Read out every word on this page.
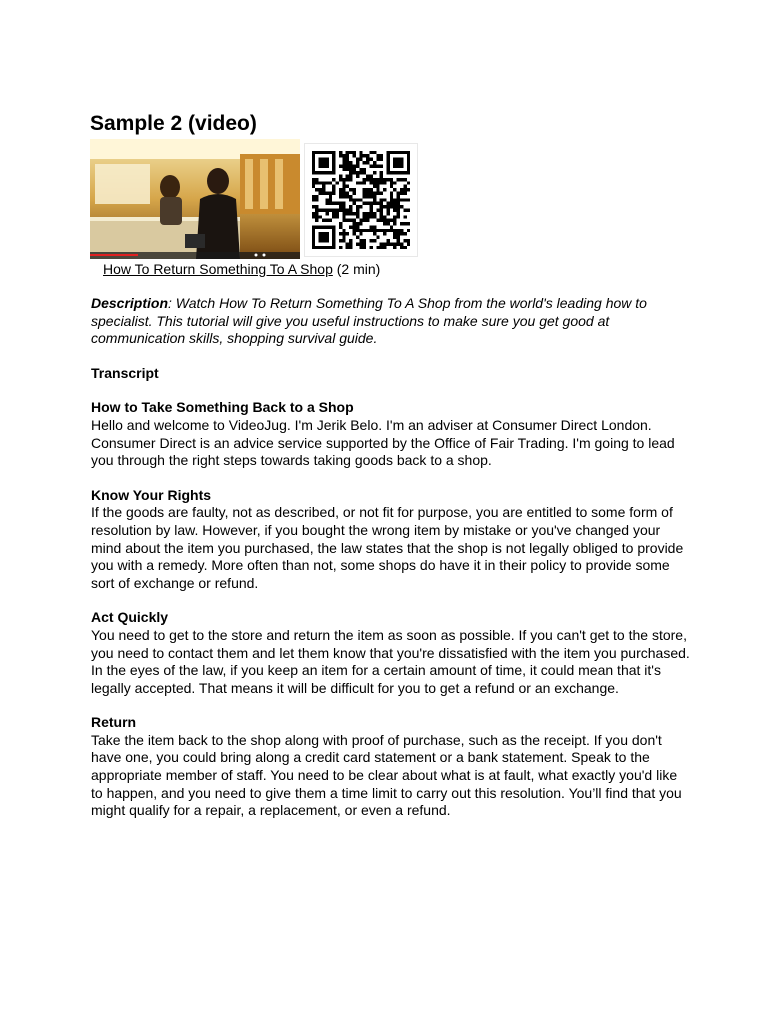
Sample 2 (video)
How To Return Something To A Shop (2 min)

Description: Watch How To Return Something To A Shop from the world's leading how to specialist. This tutorial will give you useful instructions to make sure you get good at communication skills, shopping survival guide.

Transcript

How to Take Something Back to a Shop

Hello and welcome to VideoJug. I'm Jerik Belo. I'm an adviser at Consumer Direct London. Consumer Direct is an advice service supported by the Office of Fair Trading. I'm going to lead you through the right steps towards taking goods back to a shop.

Know Your Rights

If the goods are faulty, not as described, or not fit for purpose, you are entitled to some form of resolution by law. However, if you bought the wrong item by mistake or you've changed your mind about the item you purchased, the law states that the shop is not legally obliged to provide you with a remedy. More often than not, some shops do have it in their policy to provide some sort of exchange or refund.

Act Quickly

You need to get to the store and return the item as soon as possible. If you can't get to the store, you need to contact them and let them know that you're dissatisfied with the item you purchased. In the eyes of the law, if you keep an item for a certain amount of time, it could mean that it's legally accepted. That means it will be difficult for you to get a refund or an exchange.

Return

Take the item back to the shop along with proof of purchase, such as the receipt. If you don't have one, you could bring along a credit card statement or a bank statement. Speak to the appropriate member of staff. You need to be clear about what is at fault, what exactly you'd like to happen, and you need to give them a time limit to carry out this resolution. You’ll find that you might qualify for a repair, a replacement, or even a refund.
